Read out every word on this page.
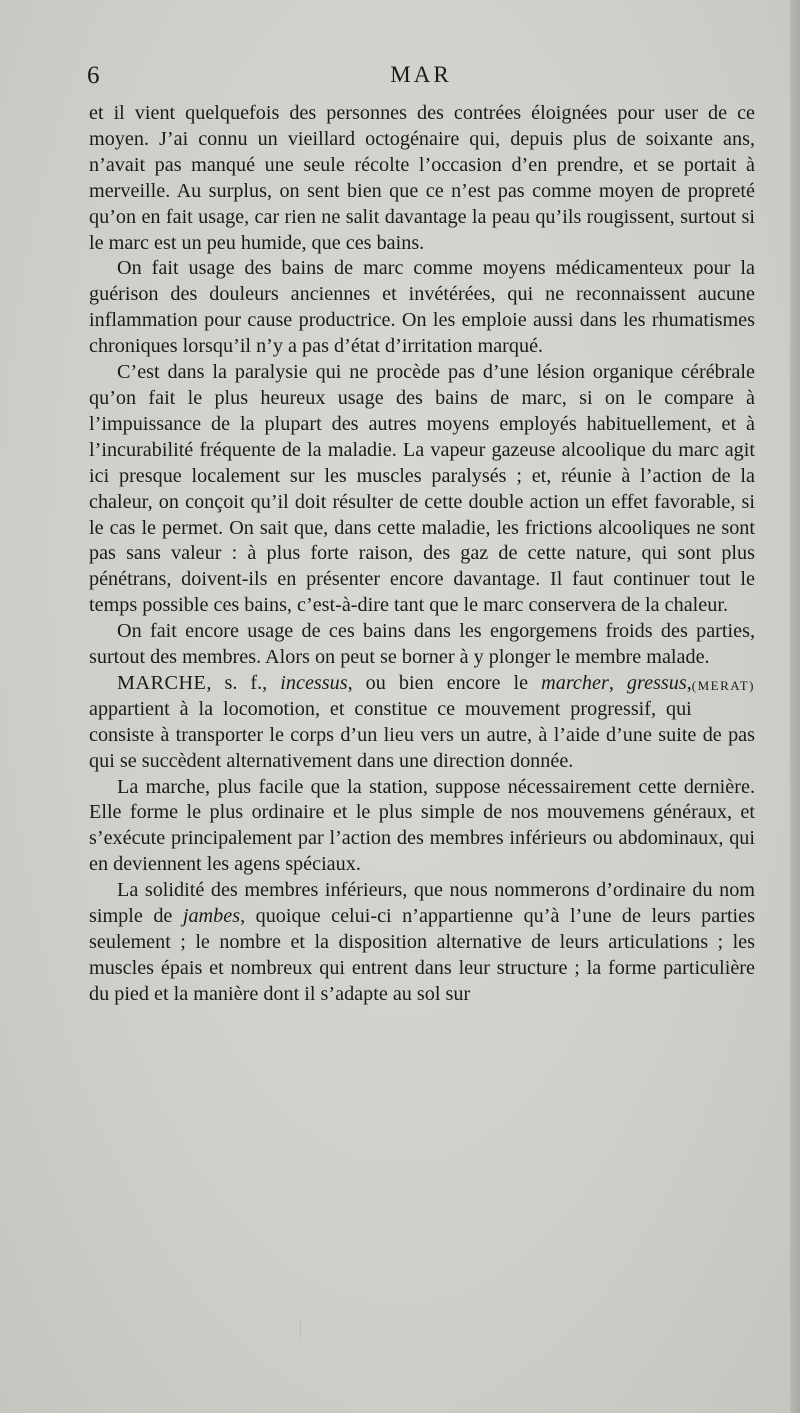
6	MAR

et il vient quelquefois des personnes des contrées éloignées pour user de ce moyen. J’ai connu un vieillard octogénaire qui, depuis plus de soixante ans, n’avait pas manqué une seule récolte l’occasion d’en prendre, et se portait à merveille. Au surplus, on sent bien que ce n’est pas comme moyen de propreté qu’on en fait usage, car rien ne salit davantage la peau qu’ils rougissent, surtout si le marc est un peu humide, que ces bains.

On fait usage des bains de marc comme moyens médicamenteux pour la guérison des douleurs anciennes et invétérées, qui ne reconnaissent aucune inflammation pour cause productrice. On les emploie aussi dans les rhumatismes chroniques lorsqu’il n’y a pas d’état d’irritation marqué.

C’est dans la paralysie qui ne procède pas d’une lésion organique cérébrale qu’on fait le plus heureux usage des bains de marc, si on le compare à l’impuissance de la plupart des autres moyens employés habituellement, et à l’incurabilité fréquente de la maladie. La vapeur gazeuse alcoolique du marc agit ici presque localement sur les muscles paralysés ; et, réunie à l’action de la chaleur, on conçoit qu’il doit résulter de cette double action un effet favorable, si le cas le permet. On sait que, dans cette maladie, les frictions alcooliques ne sont pas sans valeur : à plus forte raison, des gaz de cette nature, qui sont plus pénétrans, doivent-ils en présenter encore davantage. Il faut continuer tout le temps possible ces bains, c’est-à-dire tant que le marc conservera de la chaleur.

On fait encore usage de ces bains dans les engorgemens froids des parties, surtout des membres. Alors on peut se borner à y plonger le membre malade.
(MERAT)

MARCHE, s. f., incessus, ou bien encore le marcher, gressus, appartient à la locomotion, et constitue ce mouvement progressif, qui consiste à transporter le corps d’un lieu vers un autre, à l’aide d’une suite de pas qui se succèdent alternativement dans une direction donnée.

La marche, plus facile que la station, suppose nécessairement cette dernière. Elle forme le plus ordinaire et le plus simple de nos mouvemens généraux, et s’exécute principalement par l’action des membres inférieurs ou abdominaux, qui en deviennent les agens spéciaux.

La solidité des membres inférieurs, que nous nommerons d’ordinaire du nom simple de jambes, quoique celui-ci n’appartienne qu’à l’une de leurs parties seulement ; le nombre et la disposition alternative de leurs articulations ; les muscles épais et nombreux qui entrent dans leur structure ; la forme particulière du pied et la manière dont il s’adapte au sol sur
